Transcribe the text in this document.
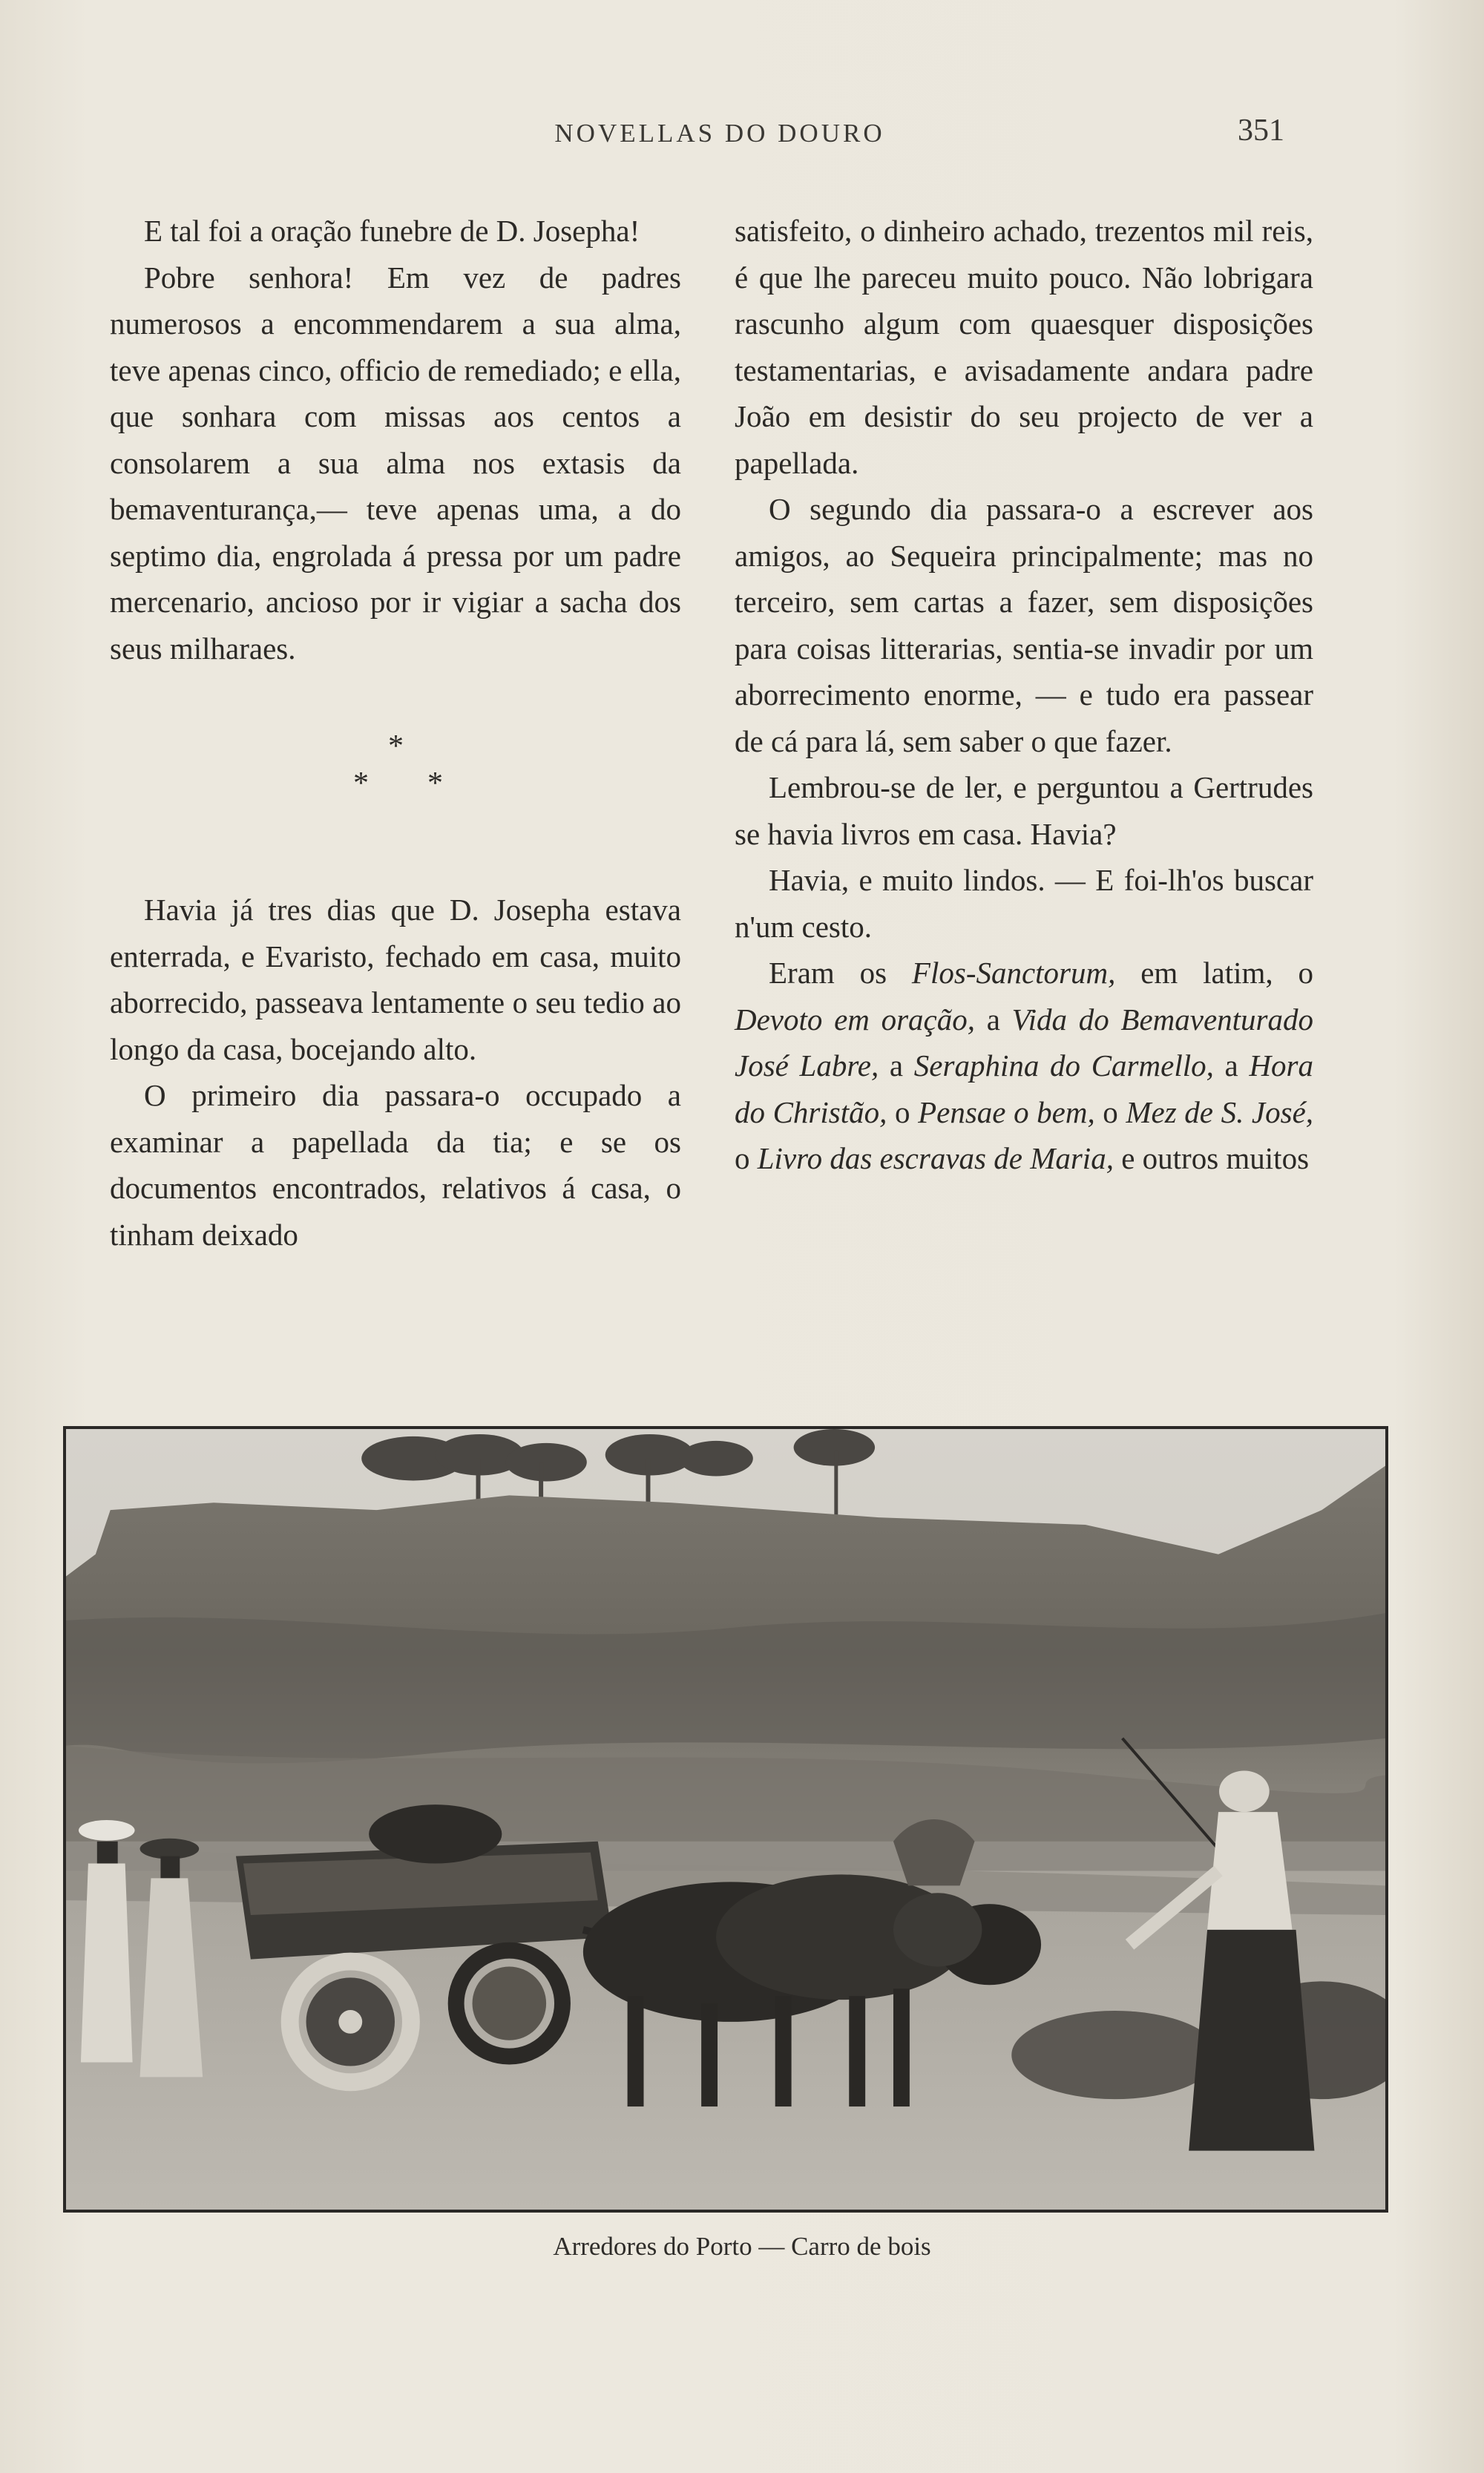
NOVELLAS DO DOURO	351

E tal foi a oração funebre de D. Josepha!

Pobre senhora! Em vez de padres numerosos a encommendarem a sua alma, teve apenas cinco, officio de remediado; e ella, que sonhara com missas aos centos a consolarem a sua alma nos extasis da bemaventurança,— teve apenas uma, a do septimo dia, engrolada á pressa por um padre mercenario, ancioso por ir vigiar a sacha dos seus milharaes.

*
* *

Havia já tres dias que D. Josepha estava enterrada, e Evaristo, fechado em casa, muito aborrecido, passeava lentamente o seu tedio ao longo da casa, bocejando alto.

O primeiro dia passara-o occupado a examinar a papellada da tia; e se os documentos encontrados, relativos á casa, o tinham deixado

satisfeito, o dinheiro achado, trezentos mil reis, é que lhe pareceu muito pouco. Não lobrigara rascunho algum com quaesquer disposições testamentarias, e avisadamente andara padre João em desistir do seu projecto de ver a papellada.

O segundo dia passara-o a escrever aos amigos, ao Sequeira principalmente; mas no terceiro, sem cartas a fazer, sem disposições para coisas litterarias, sentia-se invadir por um aborrecimento enorme, — e tudo era passear de cá para lá, sem saber o que fazer.

Lembrou-se de ler, e perguntou a Gertrudes se havia livros em casa. Havia?

Havia, e muito lindos. — E foi-lh'os buscar n'um cesto.

Eram os Flos-Sanctorum, em latim, o Devoto em oração, a Vida do Bemaventurado José Labre, a Seraphina do Carmello, a Hora do Christão, o Pensae o bem, o Mez de S. José, o Livro das escravas de Maria, e outros muitos

Arredores do Porto — Carro de bois
